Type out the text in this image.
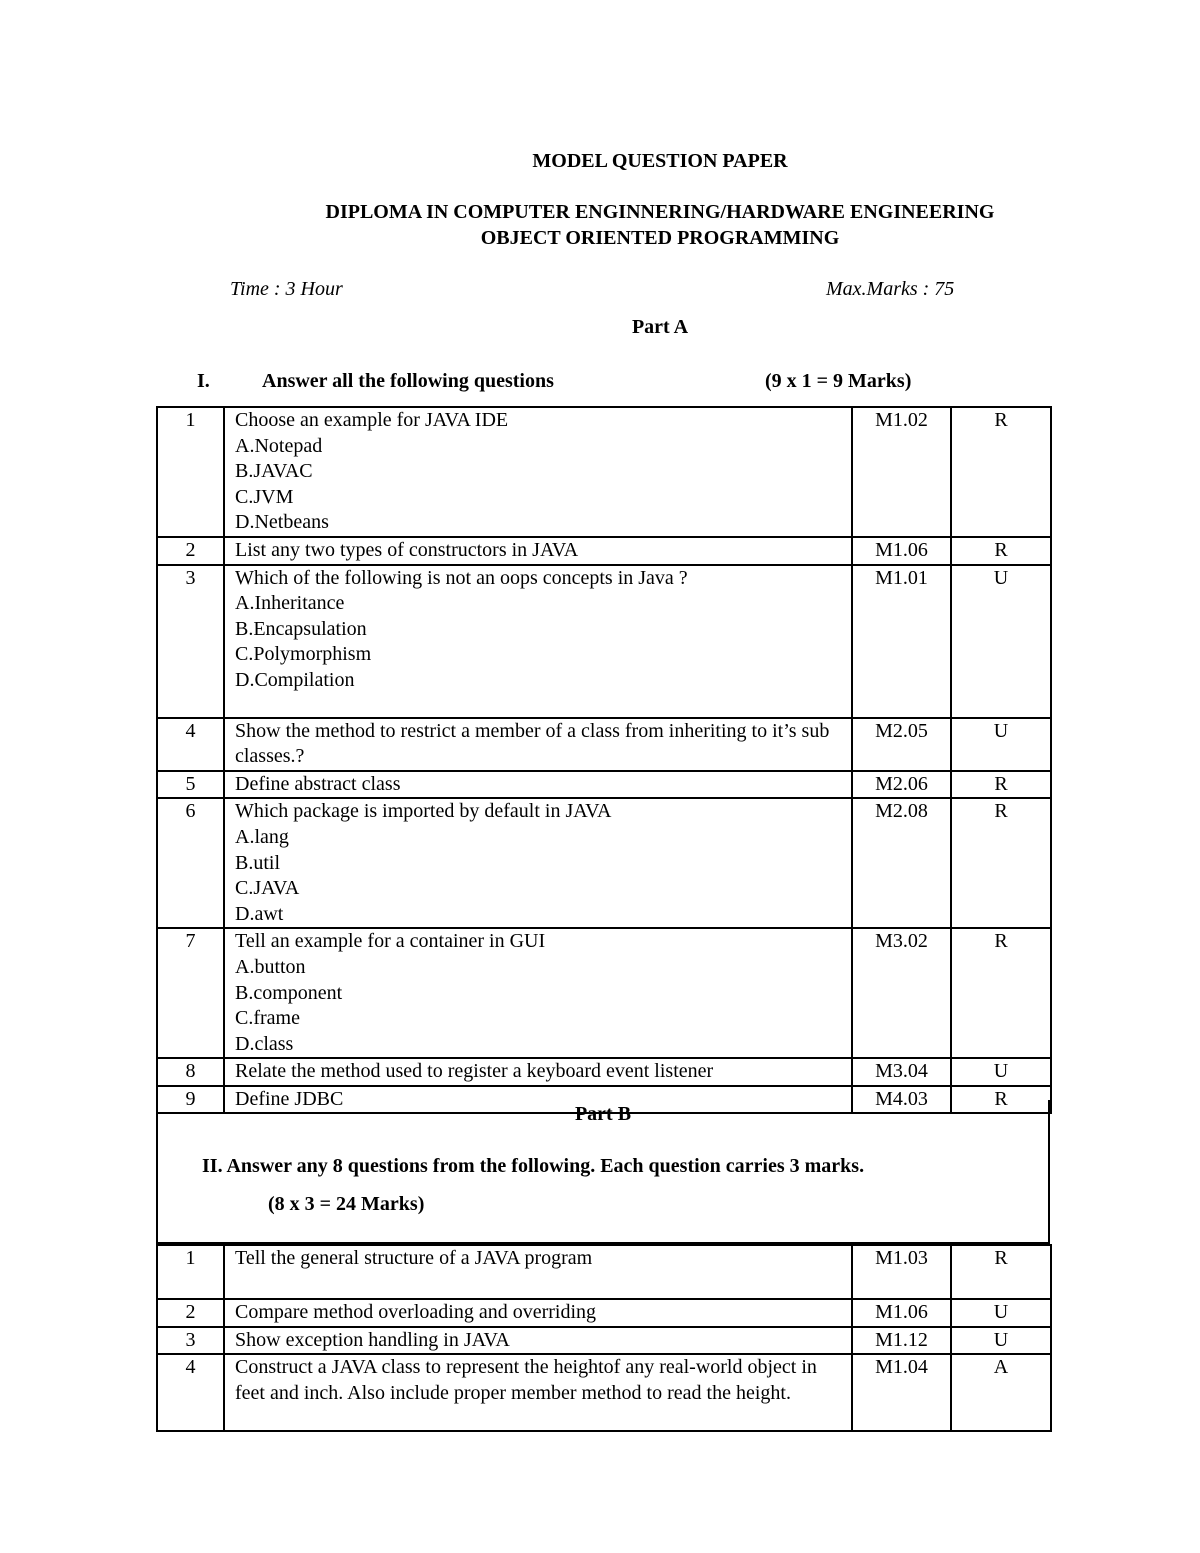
MODEL QUESTION PAPER
DIPLOMA IN COMPUTER ENGINNERING/HARDWARE ENGINEERING
OBJECT ORIENTED PROGRAMMING
Time : 3 Hour	Max.Marks : 75
Part A
I.	Answer all the following questions	(9 x 1 = 9 Marks)
1	Choose an example for JAVA IDE
A.Notepad
B.JAVAC
C.JVM
D.Netbeans	M1.02	R
2	List any two types of constructors in JAVA	M1.06	R
3	Which of the following is not an oops concepts in Java ?
A.Inheritance
B.Encapsulation
C.Polymorphism
D.Compilation	M1.01	U
4	Show the method to restrict a member of a class from inheriting to it’s sub classes.?	M2.05	U
5	Define abstract class	M2.06	R
6	Which package is imported by default in JAVA
A.lang
B.util
C.JAVA
D.awt	M2.08	R
7	Tell an example for a container in GUI
A.button
B.component
C.frame
D.class	M3.02	R
8	Relate the method used to register a keyboard event listener	M3.04	U
9	Define JDBC	M4.03	R
Part B
II. Answer any 8 questions from the following. Each question carries 3 marks.
(8 x 3 = 24 Marks)
1	Tell the general structure of a JAVA program	M1.03	R
2	Compare method overloading and overriding	M1.06	U
3	Show exception handling in JAVA	M1.12	U
4	Construct a JAVA class to represent the heightof any real-world object in feet and inch. Also include proper member method to read the height.	M1.04	A
